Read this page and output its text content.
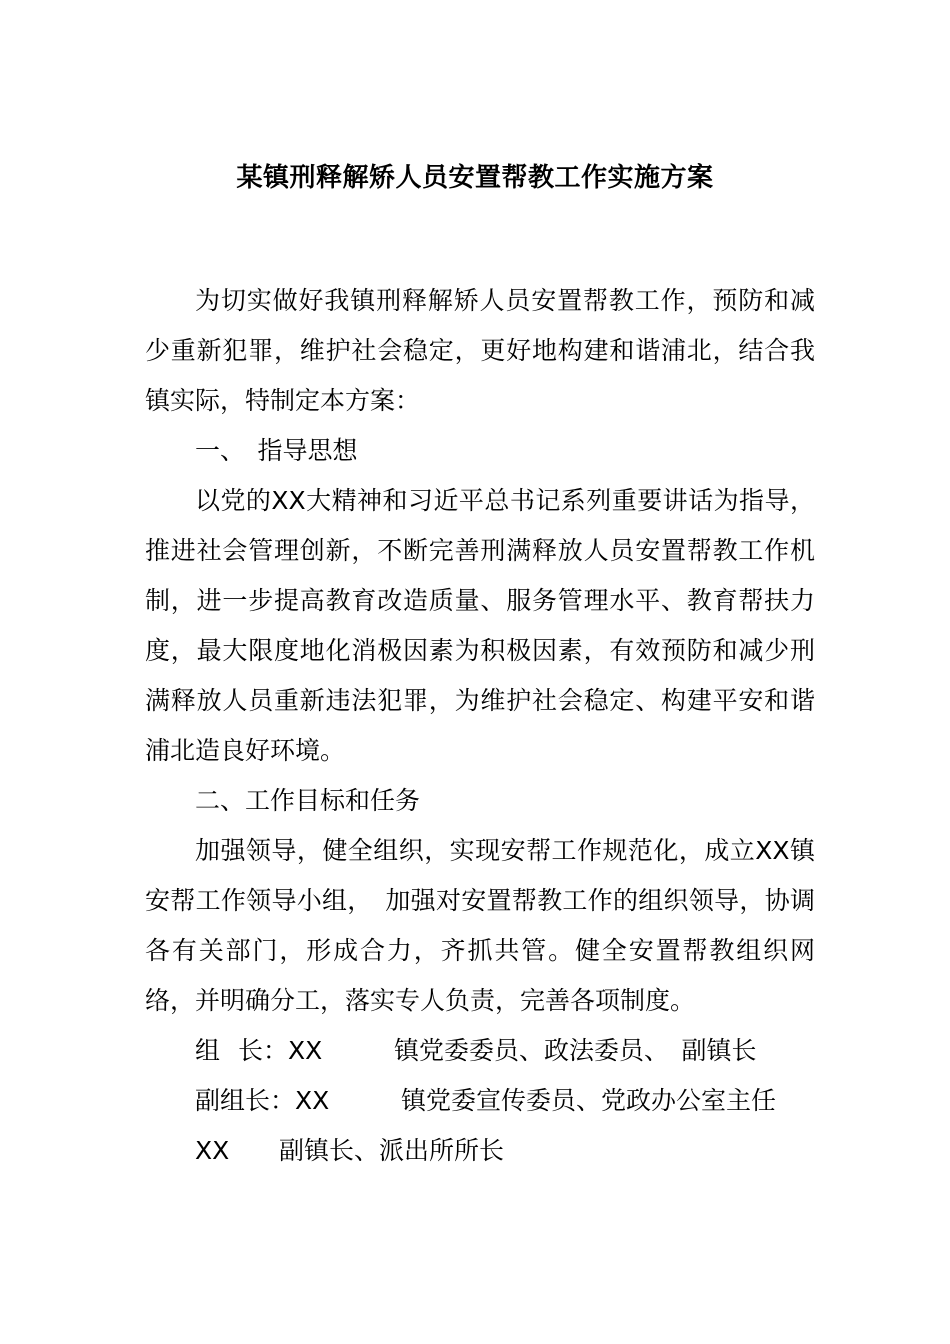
某镇刑释解矫人员安置帮教工作实施方案

为切实做好我镇刑释解矫人员安置帮教工作，预防和减少重新犯罪，维护社会稳定，更好地构建和谐浦北，结合我镇实际，特制定本方案：

一、　指导思想

以党的XX大精神和习近平总书记系列重要讲话为指导，推进社会管理创新，不断完善刑满释放人员安置帮教工作机制，进一步提高教育改造质量、服务管理水平、教育帮扶力度，最大限度地化消极因素为积极因素，有效预防和减少刑满释放人员重新违法犯罪，为维护社会稳定、构建平安和谐浦北造良好环境。

二、工作目标和任务

加强领导，健全组织，实现安帮工作规范化，成立XX镇安帮工作领导小组，　加强对安置帮教工作的组织领导，协调各有关部门，形成合力，齐抓共管。健全安置帮教组织网络，并明确分工，落实专人负责，完善各项制度。

组 长：XX	镇党委委员、政法委员、　副镇长
副组长：XX	镇党委宣传委员、党政办公室主任
XX 副镇长、派出所所长
